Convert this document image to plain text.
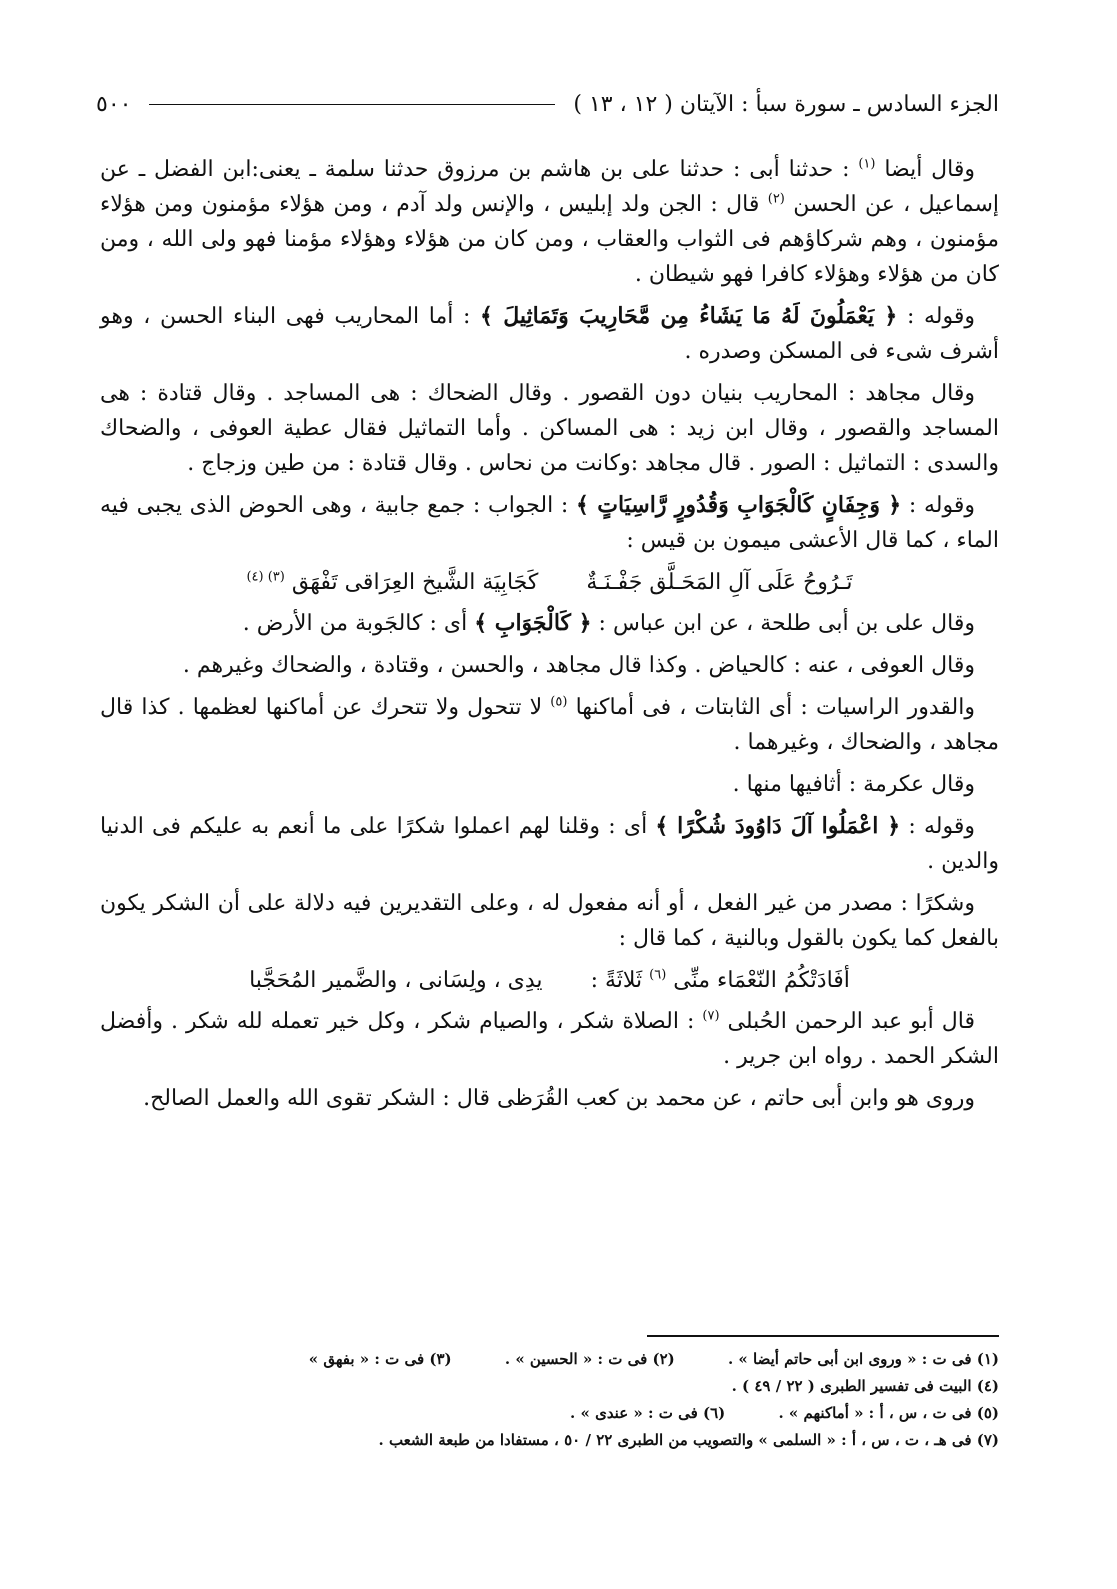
الجزء السادس ـ سورة سبأ : الآيتان ( ١٢ ، ١٣ )
٥٠٠

وقال أيضا $^{(١)}$ : حدثنا أبى : حدثنا على بن هاشم بن مرزوق حدثنا سلمة ـ يعنى:ابن الفضل ـ عن إسماعيل ، عن الحسن $^{(٢)}$ قال : الجن ولد إبليس ، والإنس ولد آدم ، ومن هؤلاء مؤمنون ومن هؤلاء مؤمنون ، وهم شركاؤهم فى الثواب والعقاب ، ومن كان من هؤلاء وهؤلاء مؤمنا فهو ولى الله ، ومن كان من هؤلاء وهؤلاء كافرا فهو شيطان .

وقوله : ﴿ يَعْمَلُونَ لَهُ مَا يَشَاءُ مِن مَّحَارِيبَ وَتَمَاثِيلَ ﴾ : أما المحاريب فهى البناء الحسن ، وهو أشرف شىء فى المسكن وصدره .

وقال مجاهد : المحاريب بنيان دون القصور . وقال الضحاك : هى المساجد . وقال قتادة : هى المساجد والقصور ، وقال ابن زيد : هى المساكن . وأما التماثيل فقال عطية العوفى ، والضحاك والسدى : التماثيل : الصور . قال مجاهد :وكانت من نحاس . وقال قتادة : من طين وزجاج .

وقوله : ﴿ وَجِفَانٍ كَالْجَوَابِ وَقُدُورٍ رَّاسِيَاتٍ ﴾ : الجواب : جمع جابية ، وهى الحوض الذى يجبى فيه الماء ، كما قال الأعشى ميمون بن قيس :

تَـرُوحُ عَلَى آلِ المَحَـلَّق جَفْـنَـةٌ
كَجَابِيَة الشَّيخ العِرَاقى تَفْهَق $^{(٣) (٤)}$

وقال على بن أبى طلحة ، عن ابن عباس : ﴿ كَالْجَوَابِ ﴾ أى : كالجَوبة من الأرض .

وقال العوفى ، عنه : كالحياض . وكذا قال مجاهد ، والحسن ، وقتادة ، والضحاك وغيرهم .

والقدور الراسيات : أى الثابتات ، فى أماكنها $^{(٥)}$ لا تتحول ولا تتحرك عن أماكنها لعظمها . كذا قال مجاهد ، والضحاك ، وغيرهما .

وقال عكرمة : أثافيها منها .

وقوله : ﴿ اعْمَلُوا آلَ دَاوُودَ شُكْرًا ﴾ أى : وقلنا لهم اعملوا شكرًا على ما أنعم به عليكم فى الدنيا والدين .

وشكرًا : مصدر من غير الفعل ، أو أنه مفعول له ، وعلى التقديرين فيه دلالة على أن الشكر يكون بالفعل كما يكون بالقول وبالنية ، كما قال :

أفَادَتْكُمُ النّعْمَاء منِّى $^{(٦)}$ ثَلاثَةً :
يدِى ، ولِسَانى ، والضَّمير المُحَجَّبا

قال أبو عبد الرحمن الحُبلى $^{(٧)}$ : الصلاة شكر ، والصيام شكر ، وكل خير تعمله لله شكر . وأفضل الشكر الحمد . رواه ابن جرير .

وروى هو وابن أبى حاتم ، عن محمد بن كعب القُرَظى قال : الشكر تقوى الله والعمل الصالح.

(١) فى ت : « وروى ابن أبى حاتم أيضا » . (٢) فى ت : « الحسين » . (٣) فى ت : « بفهق »
(٤) البيت فى تفسير الطبرى ( ٢٢ / ٤٩ ) .
(٥) فى ت ، س ، أ : « أماكنهم » . (٦) فى ت : « عندى » .
(٧) فى هـ ، ت ، س ، أ : « السلمى » والتصويب من الطبرى ٢٢ / ٥٠ ، مستفادا من طبعة الشعب .
